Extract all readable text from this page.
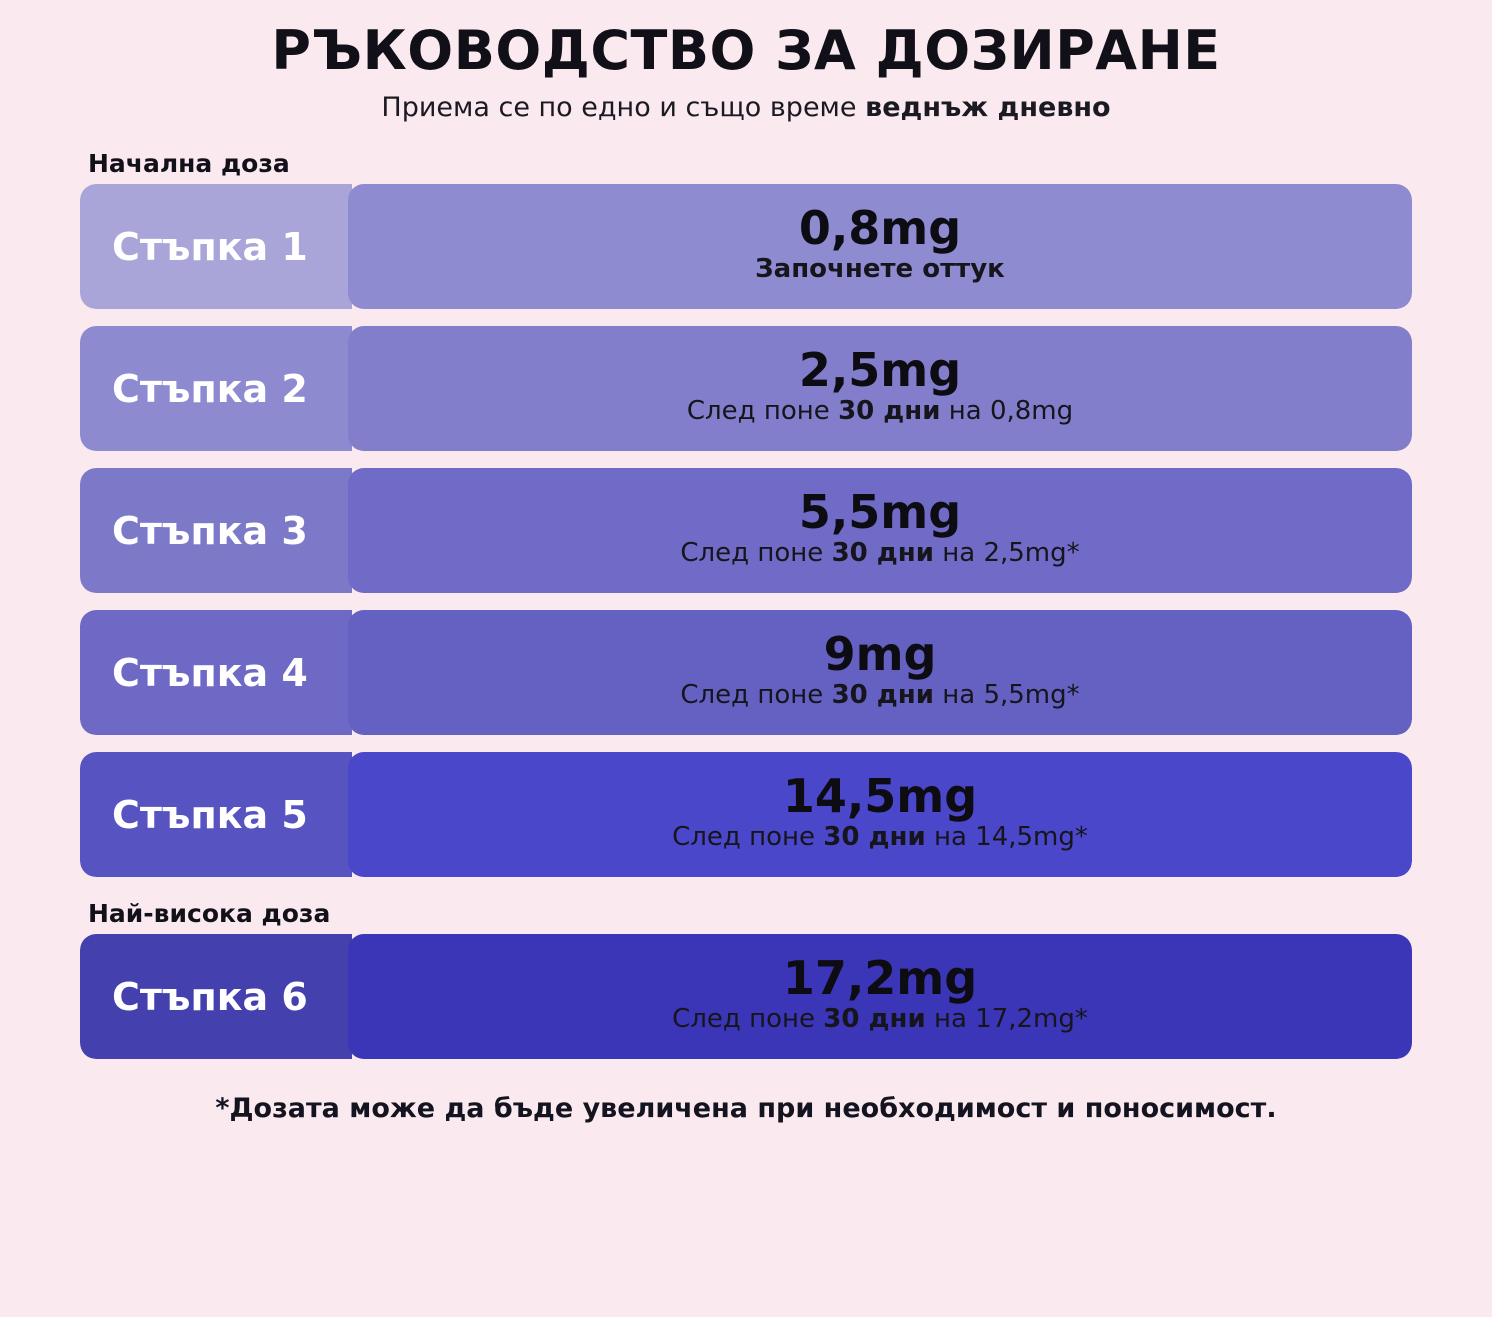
РЪКОВОДСТВО ЗА ДОЗИРАНЕ
Приема се по едно и също време веднъж дневно
Начална доза
Стъпка 1	0,8mg
Започнете оттук
Стъпка 2	2,5mg
След поне 30 дни на 0,8mg
Стъпка 3	5,5mg
След поне 30 дни на 2,5mg*
Стъпка 4	9mg
След поне 30 дни на 5,5mg*
Стъпка 5	14,5mg
След поне 30 дни на 14,5mg*
Най-висока доза
Стъпка 6	17,2mg
След поне 30 дни на 17,2mg*
*Дозата може да бъде увеличена при необходимост и поносимост.
